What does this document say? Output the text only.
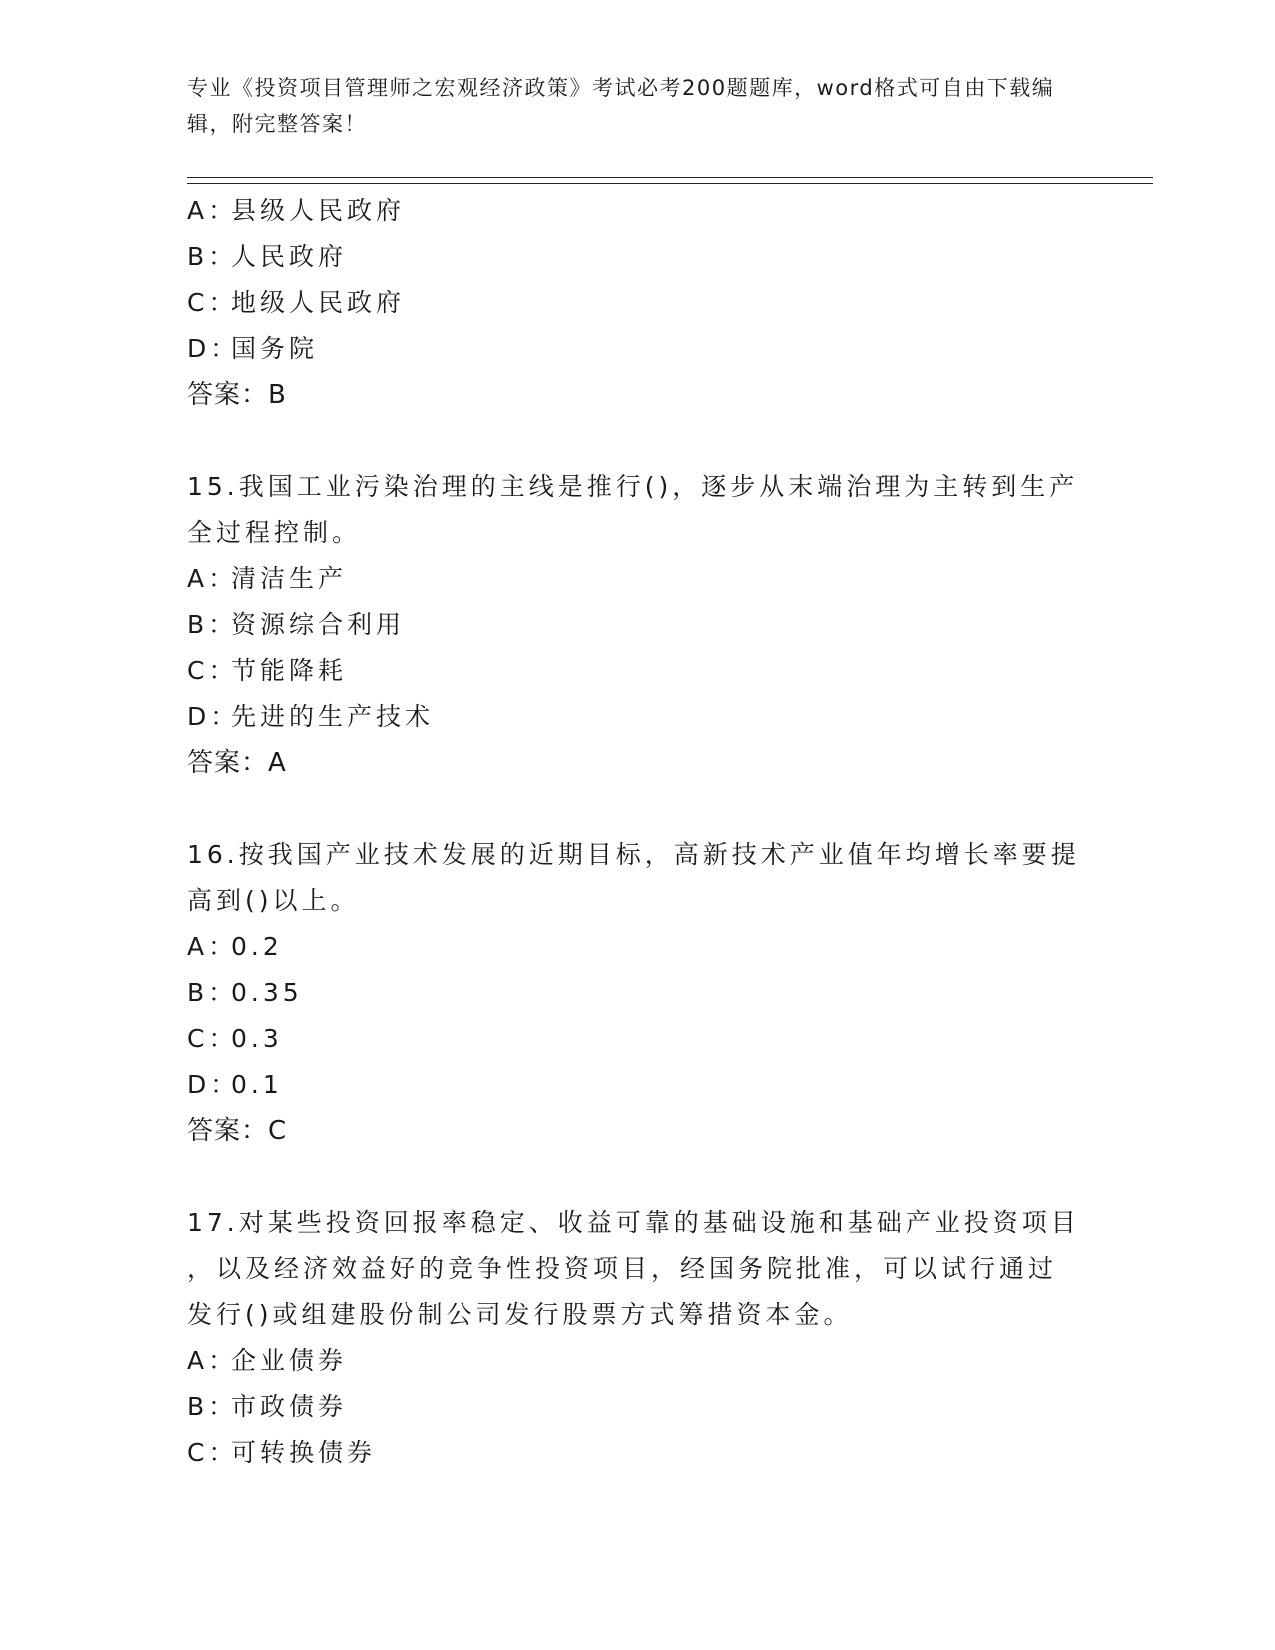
专业《投资项目管理师之宏观经济政策》考试必考200题题库，word格式可自由下载编辑，附完整答案！
A：县级人民政府
B：人民政府
C：地级人民政府
D：国务院
答案：B
15.我国工业污染治理的主线是推行()，逐步从末端治理为主转到生产
全过程控制。
A：清洁生产
B：资源综合利用
C：节能降耗
D：先进的生产技术
答案：A
16.按我国产业技术发展的近期目标，高新技术产业值年均增长率要提
高到()以上。
A：0.2
B：0.35
C：0.3
D：0.1
答案：C
17.对某些投资回报率稳定、收益可靠的基础设施和基础产业投资项目
，以及经济效益好的竞争性投资项目，经国务院批准，可以试行通过
发行()或组建股份制公司发行股票方式筹措资本金。
A：企业债券
B：市政债券
C：可转换债券
